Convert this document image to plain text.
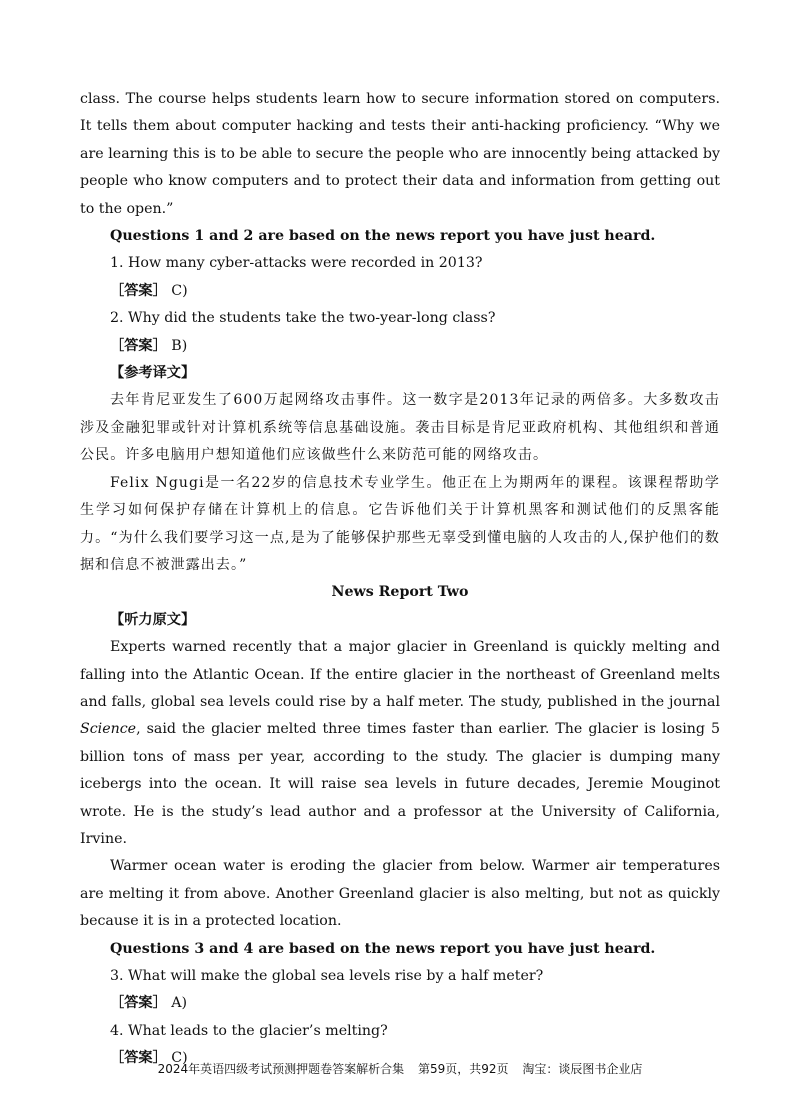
class. The course helps students learn how to secure information stored on computers. It tells them about computer hacking and tests their anti-hacking proficiency. “Why we are learning this is to be able to secure the people who are innocently being attacked by people who know computers and to protect their data and information from getting out to the open.”

Questions 1 and 2 are based on the news report you have just heard.

1. How many cyber-attacks were recorded in 2013?

［答案］ C)

2. Why did the students take the two-year-long class?

［答案］ B)

【参考译文】

去年肯尼亚发生了600万起网络攻击事件。这一数字是2013年记录的两倍多。大多数攻击涉及金融犯罪或针对计算机系统等信息基础设施。袭击目标是肯尼亚政府机构、其他组织和普通公民。许多电脑用户想知道他们应该做些什么来防范可能的网络攻击。

Felix Ngugi是一名22岁的信息技术专业学生。他正在上为期两年的课程。该课程帮助学生学习如何保护存储在计算机上的信息。它告诉他们关于计算机黑客和测试他们的反黑客能力。“为什么我们要学习这一点,是为了能够保护那些无辜受到懂电脑的人攻击的人,保护他们的数据和信息不被泄露出去。”

News Report Two

【听力原文】

Experts warned recently that a major glacier in Greenland is quickly melting and falling into the Atlantic Ocean. If the entire glacier in the northeast of Greenland melts and falls, global sea levels could rise by a half meter. The study, published in the journal Science, said the glacier melted three times faster than earlier. The glacier is losing 5 billion tons of mass per year, according to the study. The glacier is dumping many icebergs into the ocean. It will raise sea levels in future decades, Jeremie Mouginot wrote. He is the study’s lead author and a professor at the University of California, Irvine.

Warmer ocean water is eroding the glacier from below. Warmer air temperatures are melting it from above. Another Greenland glacier is also melting, but not as quickly because it is in a protected location.

Questions 3 and 4 are based on the news report you have just heard.

3. What will make the global sea levels rise by a half meter?

［答案］ A)

4. What leads to the glacier’s melting?

［答案］ C)

2024年英语四级考试预测押题卷答案解析合集 第59页，共92页 淘宝：谈辰图书企业店
